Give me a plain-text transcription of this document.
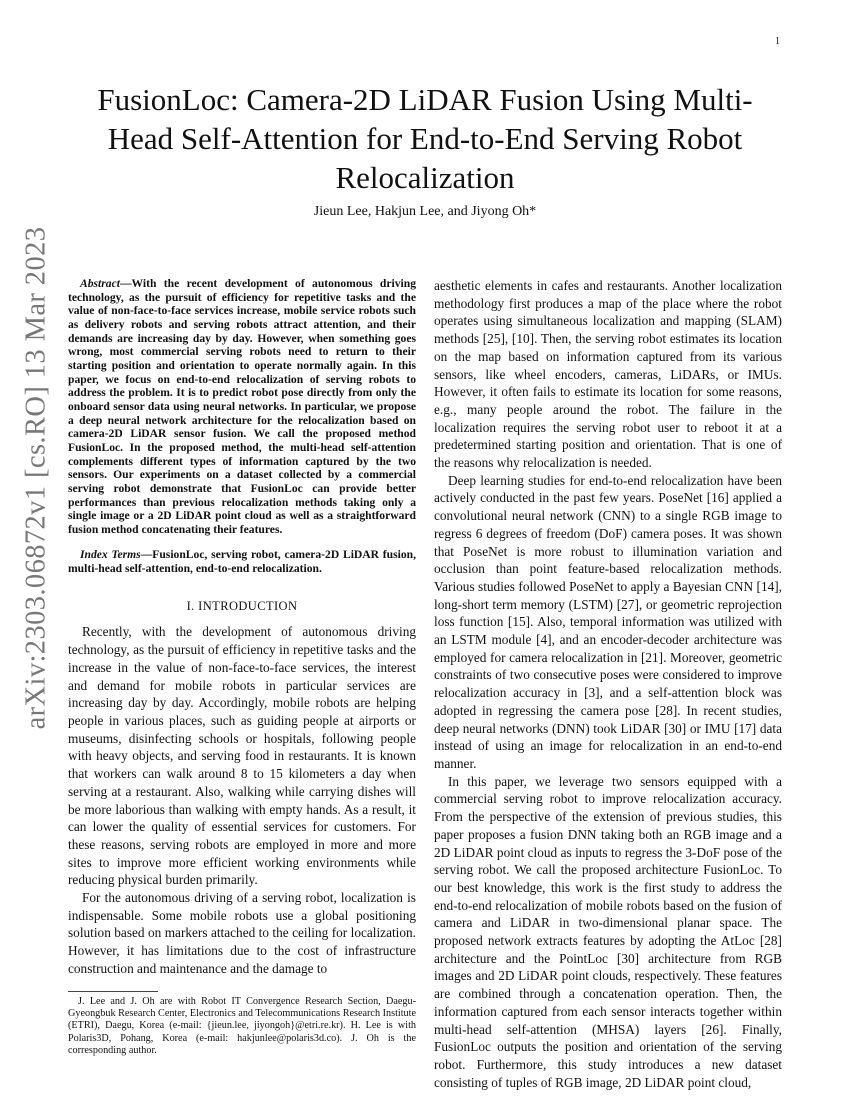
1
arXiv:2303.06872v1 [cs.RO] 13 Mar 2023
FusionLoc: Camera-2D LiDAR Fusion Using Multi-Head Self-Attention for End-to-End Serving Robot Relocalization
Jieun Lee, Hakjun Lee, and Jiyong Oh*

Abstract—With the recent development of autonomous driving technology, as the pursuit of efficiency for repetitive tasks and the value of non-face-to-face services increase, mobile service robots such as delivery robots and serving robots attract attention, and their demands are increasing day by day. However, when something goes wrong, most commercial serving robots need to return to their starting position and orientation to operate normally again. In this paper, we focus on end-to-end relocalization of serving robots to address the problem. It is to predict robot pose directly from only the onboard sensor data using neural networks. In particular, we propose a deep neural network architecture for the relocalization based on camera-2D LiDAR sensor fusion. We call the proposed method FusionLoc. In the proposed method, the multi-head self-attention complements different types of information captured by the two sensors. Our experiments on a dataset collected by a commercial serving robot demonstrate that FusionLoc can provide better performances than previous relocalization methods taking only a single image or a 2D LiDAR point cloud as well as a straightforward fusion method concatenating their features.

Index Terms—FusionLoc, serving robot, camera-2D LiDAR fusion, multi-head self-attention, end-to-end relocalization.

I. INTRODUCTION

Recently, with the development of autonomous driving technology, as the pursuit of efficiency in repetitive tasks and the increase in the value of non-face-to-face services, the interest and demand for mobile robots in particular services are increasing day by day. Accordingly, mobile robots are helping people in various places, such as guiding people at airports or museums, disinfecting schools or hospitals, following people with heavy objects, and serving food in restaurants. It is known that workers can walk around 8 to 15 kilometers a day when serving at a restaurant. Also, walking while carrying dishes will be more laborious than walking with empty hands. As a result, it can lower the quality of essential services for customers. For these reasons, serving robots are employed in more and more sites to improve more efficient working environments while reducing physical burden primarily.

For the autonomous driving of a serving robot, localization is indispensable. Some mobile robots use a global positioning solution based on markers attached to the ceiling for localization. However, it has limitations due to the cost of infrastructure construction and maintenance and the damage to

J. Lee and J. Oh are with Robot IT Convergence Research Section, Daegu-Gyeongbuk Research Center, Electronics and Telecommunications Research Institute (ETRI), Daegu, Korea (e-mail: {jieun.lee, jiyongoh}@etri.re.kr). H. Lee is with Polaris3D, Pohang, Korea (e-mail: hakjunlee@polaris3d.co). J. Oh is the corresponding author.

aesthetic elements in cafes and restaurants. Another localization methodology first produces a map of the place where the robot operates using simultaneous localization and mapping (SLAM) methods [25], [10]. Then, the serving robot estimates its location on the map based on information captured from its various sensors, like wheel encoders, cameras, LiDARs, or IMUs. However, it often fails to estimate its location for some reasons, e.g., many people around the robot. The failure in the localization requires the serving robot user to reboot it at a predetermined starting position and orientation. That is one of the reasons why relocalization is needed.

Deep learning studies for end-to-end relocalization have been actively conducted in the past few years. PoseNet [16] applied a convolutional neural network (CNN) to a single RGB image to regress 6 degrees of freedom (DoF) camera poses. It was shown that PoseNet is more robust to illumination variation and occlusion than point feature-based relocalization methods. Various studies followed PoseNet to apply a Bayesian CNN [14], long-short term memory (LSTM) [27], or geometric reprojection loss function [15]. Also, temporal information was utilized with an LSTM module [4], and an encoder-decoder architecture was employed for camera relocalization in [21]. Moreover, geometric constraints of two consecutive poses were considered to improve relocalization accuracy in [3], and a self-attention block was adopted in regressing the camera pose [28]. In recent studies, deep neural networks (DNN) took LiDAR [30] or IMU [17] data instead of using an image for relocalization in an end-to-end manner.

In this paper, we leverage two sensors equipped with a commercial serving robot to improve relocalization accuracy. From the perspective of the extension of previous studies, this paper proposes a fusion DNN taking both an RGB image and a 2D LiDAR point cloud as inputs to regress the 3-DoF pose of the serving robot. We call the proposed architecture FusionLoc. To our best knowledge, this work is the first study to address the end-to-end relocalization of mobile robots based on the fusion of camera and LiDAR in two-dimensional planar space. The proposed network extracts features by adopting the AtLoc [28] architecture and the PointLoc [30] architecture from RGB images and 2D LiDAR point clouds, respectively. These features are combined through a concatenation operation. Then, the information captured from each sensor interacts together within multi-head self-attention (MHSA) layers [26]. Finally, FusionLoc outputs the position and orientation of the serving robot. Furthermore, this study introduces a new dataset consisting of tuples of RGB image, 2D LiDAR point cloud,
